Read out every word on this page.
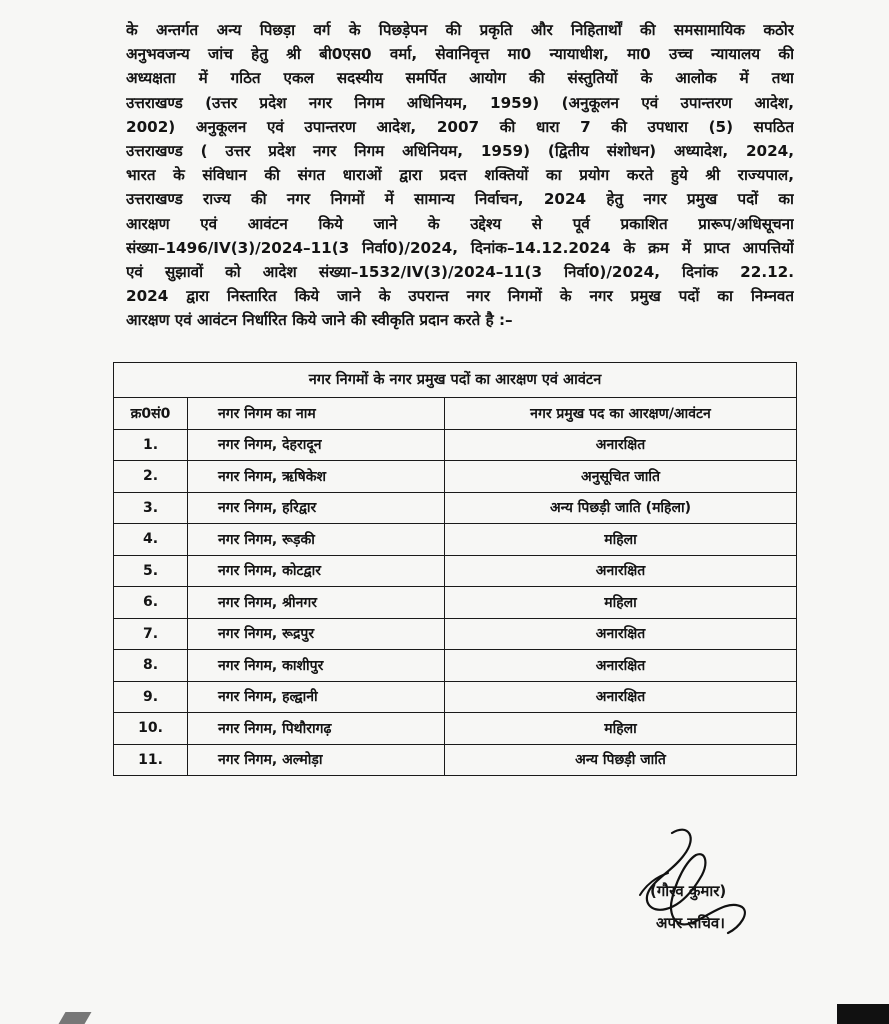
के अन्तर्गत अन्य पिछड़ा वर्ग के पिछड़ेपन की प्रकृति और निहितार्थों की समसामायिक कठोर
अनुभवजन्य जांच हेतु श्री बी0एस0 वर्मा, सेवानिवृत्त मा0 न्यायाधीश, मा0 उच्च न्यायालय की
अध्यक्षता में गठित एकल सदस्यीय समर्पित आयोग की संस्तुतियों के आलोक में तथा
उत्तराखण्ड (उत्तर प्रदेश नगर निगम अधिनियम, 1959) (अनुकूलन एवं उपान्तरण आदेश,
2002) अनुकूलन एवं उपान्तरण आदेश, 2007 की धारा 7 की उपधारा (5) सपठित
उत्तराखण्ड ( उत्तर प्रदेश नगर निगम अधिनियम, 1959) (द्वितीय संशोधन) अध्यादेश, 2024,
भारत के संविधान की संगत धाराओं द्वारा प्रदत्त शक्तियों का प्रयोग करते हुये श्री राज्यपाल,
उत्तराखण्ड राज्य की नगर निगमों में सामान्य निर्वाचन, 2024 हेतु नगर प्रमुख पदों का
आरक्षण एवं आवंटन किये जाने के उद्देश्य से पूर्व प्रकाशित प्रारूप/अधिसूचना
संख्या–1496/IV(3)/2024–11(3 निर्वा0)/2024, दिनांक–14.12.2024 के क्रम में प्राप्त आपत्तियों
एवं सुझावों को आदेश संख्या–1532/IV(3)/2024–11(3 निर्वा0)/2024, दिनांक 22.12.
2024 द्वारा निस्तारित किये जाने के उपरान्त नगर निगमों के नगर प्रमुख पदों का निम्नवत
आरक्षण एवं आवंटन निर्धारित किये जाने की स्वीकृति प्रदान करते है :–
नगर निगमों के नगर प्रमुख पदों का आरक्षण एवं आवंटन
क्र0सं0	नगर निगम का नाम	नगर प्रमुख पद का आरक्षण/आवंटन
1.	नगर निगम, देहरादून	अनारक्षित
2.	नगर निगम, ऋषिकेश	अनुसूचित जाति
3.	नगर निगम, हरिद्वार	अन्य पिछड़ी जाति (महिला)
4.	नगर निगम, रूड़की	महिला
5.	नगर निगम, कोटद्वार	अनारक्षित
6.	नगर निगम, श्रीनगर	महिला
7.	नगर निगम, रूद्रपुर	अनारक्षित
8.	नगर निगम, काशीपुर	अनारक्षित
9.	नगर निगम, हल्द्वानी	अनारक्षित
10.	नगर निगम, पिथौरागढ़	महिला
11.	नगर निगम, अल्मोड़ा	अन्य पिछड़ी जाति
(गौरव कुमार)
अपर सचिव।
